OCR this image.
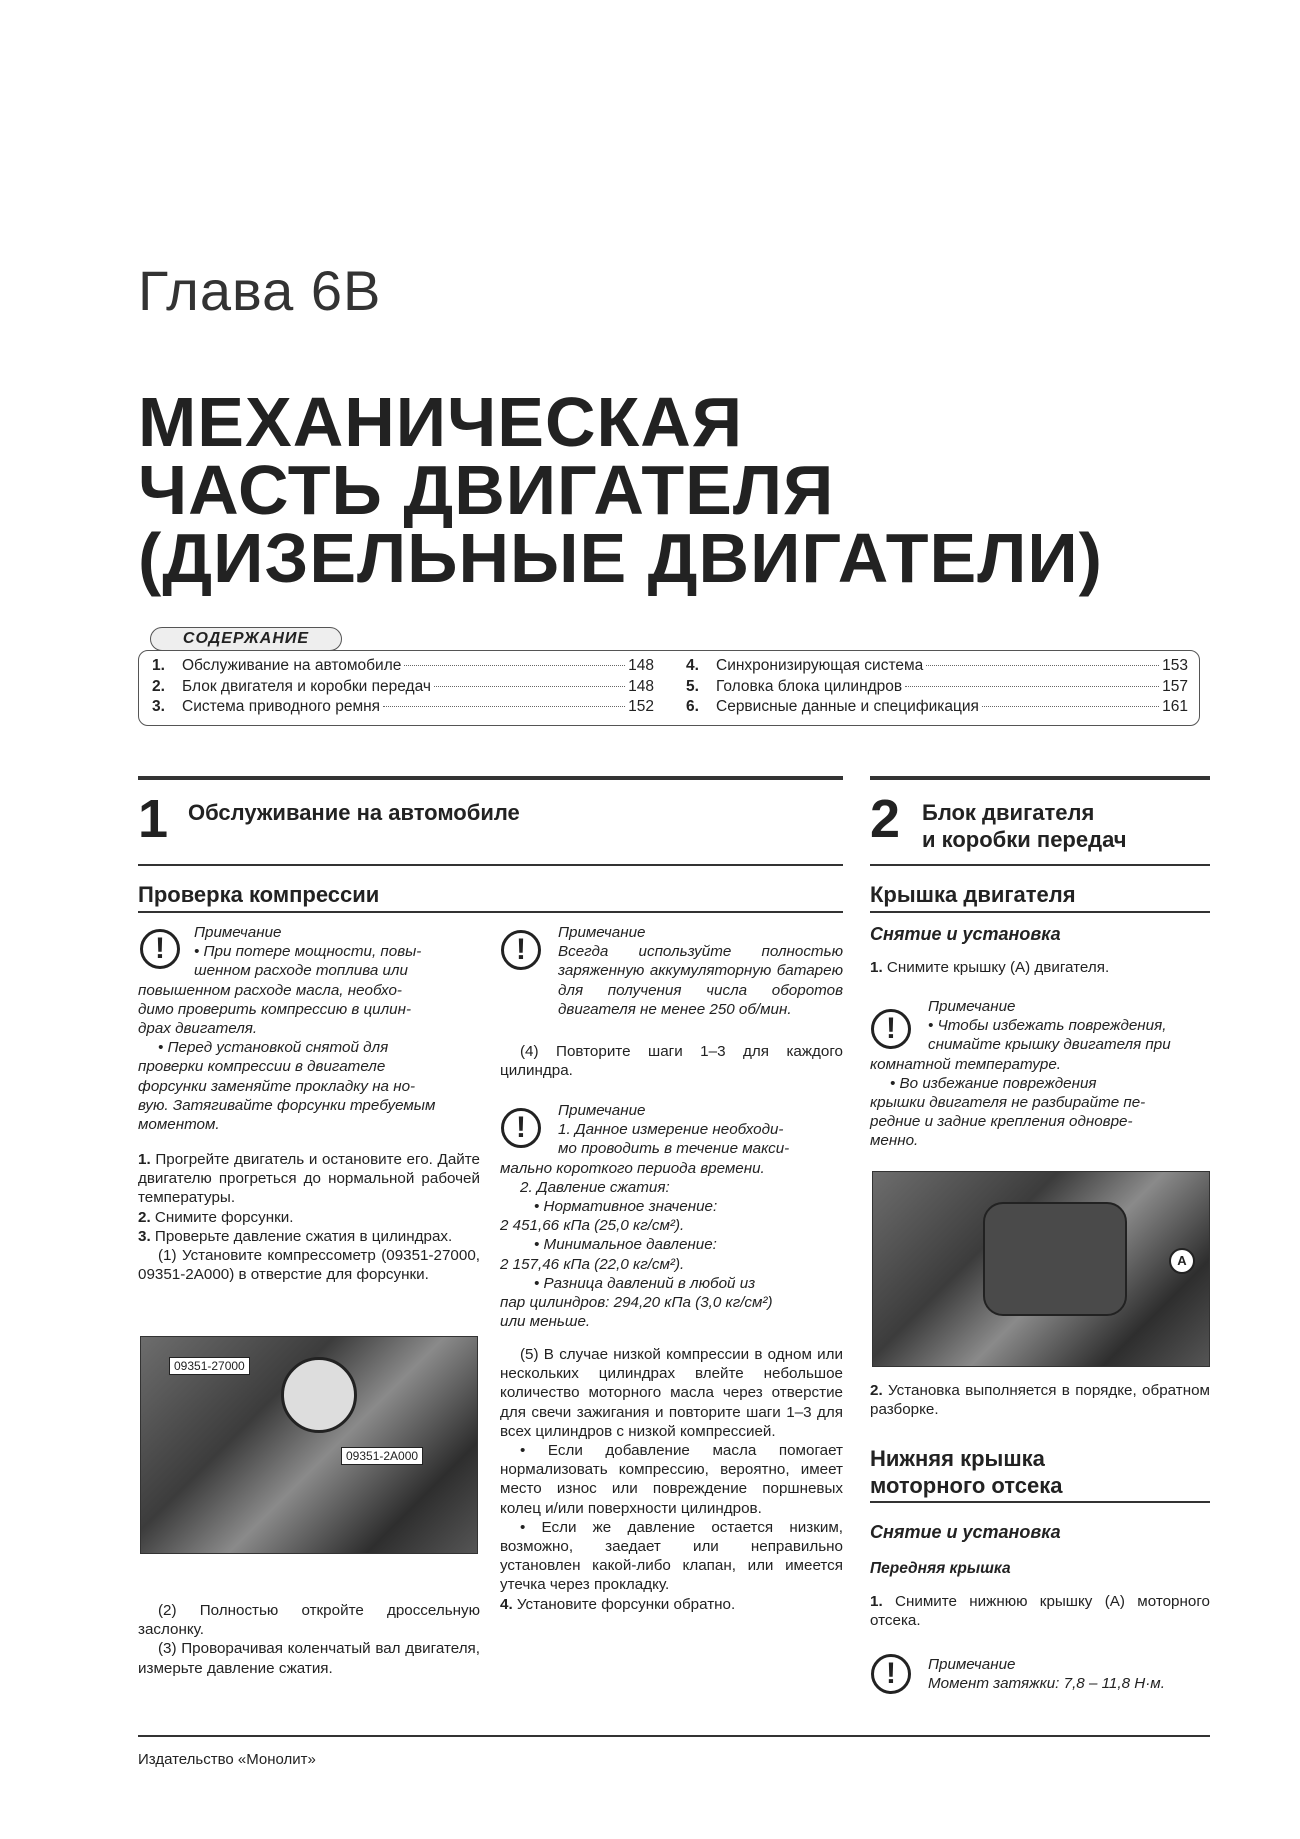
Глава 6В
МЕХАНИЧЕСКАЯ
ЧАСТЬ ДВИГАТЕЛЯ
(ДИЗЕЛЬНЫЕ ДВИГАТЕЛИ)
СОДЕРЖАНИЕ
1.	Обслуживание на автомобиле	148
2.	Блок двигателя и коробки передач	148
3.	Система приводного ремня	152
4.	Синхронизирующая система	153
5.	Головка блока цилиндров	157
6.	Сервисные данные и спецификация	161
1 Обслуживание на автомобиле
Проверка компрессии
2 Блок двигателя
и коробки передач
Крышка двигателя
!	Примечание
• При потере мощности, повы-
шенном расходе топлива или
повышенном расходе масла, необхо-
димо проверить компрессию в цилин-
драх двигателя.
• Перед установкой снятой для
проверки компрессии в двигателе
форсунки заменяйте прокладку на но-
вую. Затягивайте форсунки требуемым
моментом.
1. Прогрейте двигатель и остановите его. Дайте двигателю прогреться до нормальной рабочей температуры.
2. Снимите форсунки.
3. Проверьте давление сжатия в цилиндрах.
(1) Установите компрессометр (09351-27000, 09351-2A000) в отверстие для форсунки.
09351-27000
09351-2A000
(2) Полностью откройте дроссельную заслонку.
(3) Проворачивая коленчатый вал двигателя, измерьте давление сжатия.
!
Примечание
Всегда используйте полностью заряженную аккумуляторную батарею для получения числа оборотов двигателя не менее 250 об/мин.
(4) Повторите шаги 1–3 для каждого цилиндра.
!
Примечание
1. Данное измерение необходи-
мо проводить в течение макси-
мально короткого периода времени.
2. Давление сжатия:
• Нормативное значение:
2 451,66 кПа (25,0 кг/см²).
• Минимальное давление:
2 157,46 кПа (22,0 кг/см²).
• Разница давлений в любой из
пар цилиндров: 294,20 кПа (3,0 кг/см²)
или меньше.
(5) В случае низкой компрессии в одном или нескольких цилиндрах влейте небольшое количество моторного масла через отверстие для свечи зажигания и повторите шаги 1–3 для всех цилиндров с низкой компрессией.
• Если добавление масла помогает нормализовать компрессию, вероятно, имеет место износ или повреждение поршневых колец и/или поверхности цилиндров.
• Если же давление остается низким, возможно, заедает или неправильно установлен какой-либо клапан, или имеется утечка через прокладку.
4. Установите форсунки обратно.
Снятие и установка
1. Снимите крышку (A) двигателя.
!
Примечание
• Чтобы избежать повреждения,
снимайте крышку двигателя при
комнатной температуре.
• Во избежание повреждения
крышки двигателя не разбирайте пе-
редние и задние крепления одновре-
менно.
A
2. Установка выполняется в порядке, обратном разборке.
Нижняя крышка
моторного отсека
Снятие и установка
Передняя крышка
1. Снимите нижнюю крышку (A) моторного отсека.
!	Примечание
Момент затяжки: 7,8 – 11,8 Н·м.
Издательство «Монолит»
